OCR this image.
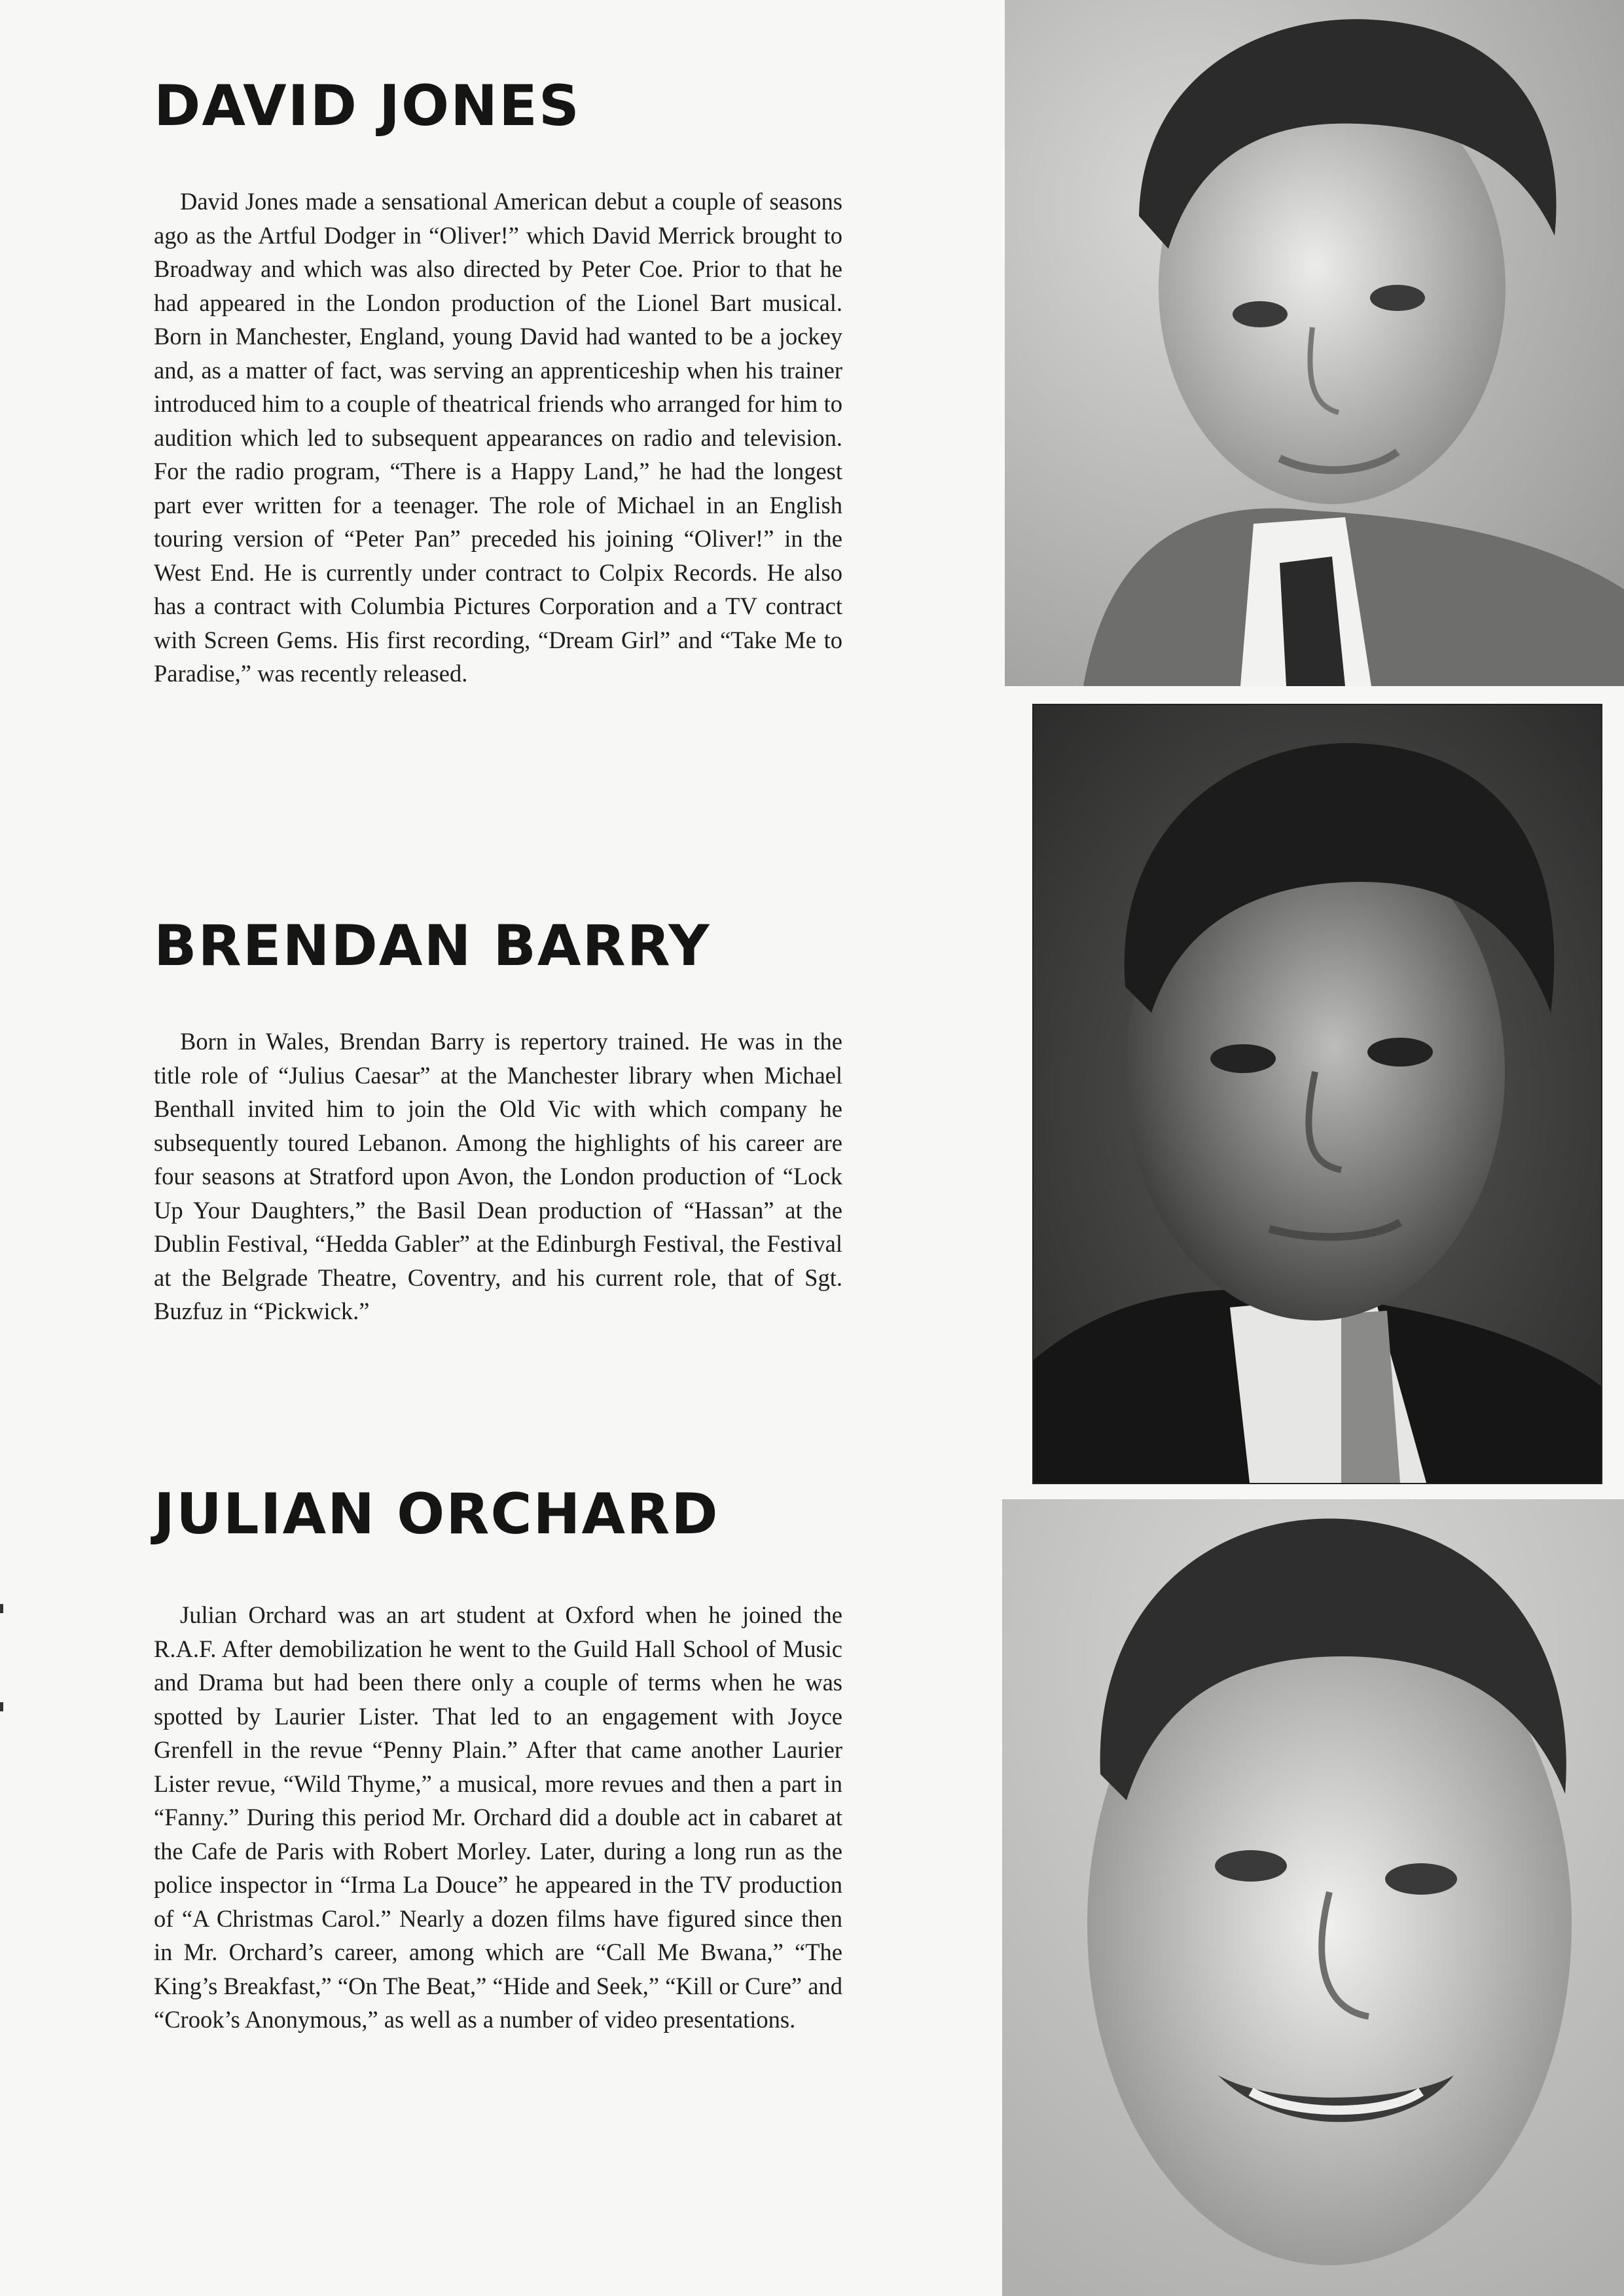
DAVID JONES

David Jones made a sensational American debut a couple of seasons ago as the Artful Dodger in “Oliver!” which David Merrick brought to Broadway and which was also directed by Peter Coe. Prior to that he had appeared in the London production of the Lionel Bart musical. Born in Manchester, England, young David had wanted to be a jockey and, as a matter of fact, was serving an apprenticeship when his trainer introduced him to a couple of theatrical friends who arranged for him to audition which led to subsequent appearances on radio and television. For the radio program, “There is a Happy Land,” he had the longest part ever written for a teenager. The role of Michael in an English touring version of “Peter Pan” preceded his joining “Oliver!” in the West End. He is currently under contract to Colpix Records. He also has a contract with Columbia Pictures Corporation and a TV contract with Screen Gems. His first recording, “Dream Girl” and “Take Me to Paradise,” was recently released.

BRENDAN BARRY

Born in Wales, Brendan Barry is repertory trained. He was in the title role of “Julius Caesar” at the Manchester library when Michael Benthall invited him to join the Old Vic with which company he subsequently toured Lebanon. Among the highlights of his career are four seasons at Stratford upon Avon, the London production of “Lock Up Your Daughters,” the Basil Dean production of “Hassan” at the Dublin Festival, “Hedda Gabler” at the Edinburgh Festival, the Festival at the Belgrade Theatre, Coventry, and his current role, that of Sgt. Buzfuz in “Pickwick.”

JULIAN ORCHARD

Julian Orchard was an art student at Oxford when he joined the R.A.F. After demobilization he went to the Guild Hall School of Music and Drama but had been there only a couple of terms when he was spotted by Laurier Lister. That led to an engagement with Joyce Grenfell in the revue “Penny Plain.” After that came another Laurier Lister revue, “Wild Thyme,” a musical, more revues and then a part in “Fanny.” During this period Mr. Orchard did a double act in cabaret at the Cafe de Paris with Robert Morley. Later, during a long run as the police inspector in “Irma La Douce” he appeared in the TV production of “A Christmas Carol.” Nearly a dozen films have figured since then in Mr. Orchard’s career, among which are “Call Me Bwana,” “The King’s Breakfast,” “On The Beat,” “Hide and Seek,” “Kill or Cure” and “Crook’s Anonymous,” as well as a number of video presentations.
